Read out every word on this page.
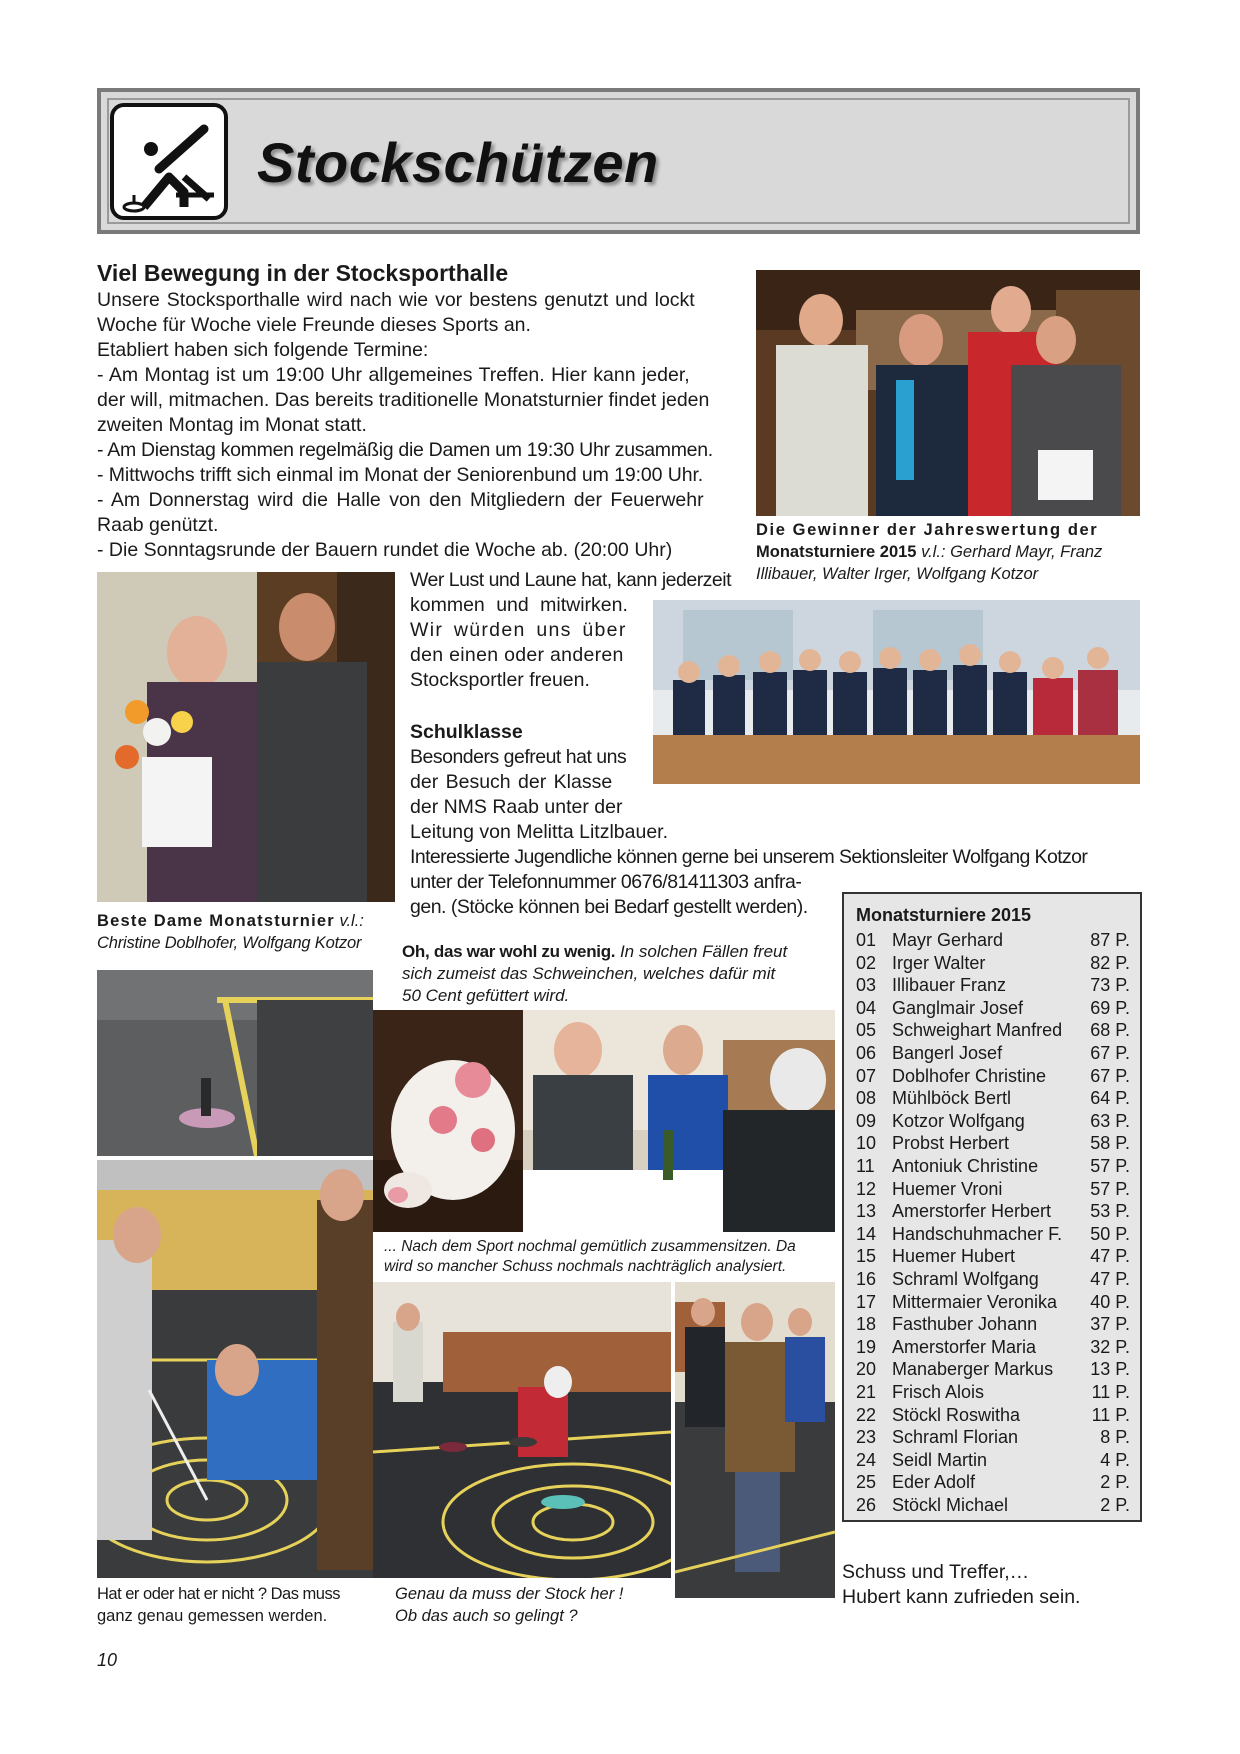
Stockschützen
Viel Bewegung in der Stocksporthalle
Unsere Stocksporthalle wird nach wie vor bestens genutzt und lockt
Woche für Woche viele Freunde dieses Sports an.
Etabliert haben sich folgende Termine:
- Am Montag ist um 19:00 Uhr allgemeines Treffen. Hier kann jeder,
der will, mitmachen. Das bereits traditionelle Monatsturnier findet jeden
zweiten Montag im Monat statt.
- Am Dienstag kommen regelmäßig die Damen um 19:30 Uhr zusammen.
- Mittwochs trifft sich einmal im Monat der Seniorenbund um 19:00 Uhr.
- Am Donnerstag wird die Halle von den Mitgliedern der Feuerwehr
Raab genützt.
- Die Sonntagsrunde der Bauern rundet die Woche ab. (20:00 Uhr)
Die Gewinner der Jahreswertung der
Monatsturniere 2015 v.l.: Gerhard Mayr, Franz
Illibauer, Walter Irger, Wolfgang Kotzor
Beste Dame Monatsturnier v.l.:
Christine Doblhofer, Wolfgang Kotzor
Wer Lust und Laune hat, kann jederzeit
kommen und mitwirken.
Wir würden uns über
den einen oder anderen
Stocksportler freuen.
Schulklasse
Besonders gefreut hat uns
der Besuch der Klasse
der NMS Raab unter der
Leitung von Melitta Litzlbauer.
Interessierte Jugendliche können gerne bei unserem Sektionsleiter Wolfgang Kotzor
unter der Telefonnummer 0676/81411303 anfra-
gen. (Stöcke können bei Bedarf gestellt werden).
Oh, das war wohl zu wenig. In solchen Fällen freut
sich zumeist das Schweinchen, welches dafür mit
50 Cent gefüttert wird.
... Nach dem Sport nochmal gemütlich zusammensitzen. Da
wird so mancher Schuss nochmals nachträglich analysiert.
Hat er oder hat er nicht ? Das muss
ganz genau gemessen werden.
Genau da muss der Stock her !
Ob das auch so gelingt ?
Monatsturniere 2015
01 Mayr Gerhard	87 P.
02 Irger Walter	82 P.
03 Illibauer Franz	73 P.
04 Ganglmair Josef	69 P.
05 Schweighart Manfred 68 P.
06 Bangerl Josef	67 P.
07 Doblhofer Christine 67 P.
08 Mühlböck Bertl	64 P.
09 Kotzor Wolfgang	63 P.
10 Probst Herbert	58 P.
11 Antoniuk Christine	57 P.
12 Huemer Vroni	57 P.
13 Amerstorfer Herbert 53 P.
14 Handschuhmacher F. 50 P.
15 Huemer Hubert	47 P.
16 Schraml Wolfgang	47 P.
17 Mittermaier Veronika 40 P.
18 Fasthuber Johann	37 P.
19 Amerstorfer Maria	32 P.
20 Manaberger Markus 13 P.
21 Frisch Alois	11 P.
22 Stöckl Roswitha	11 P.
23 Schraml Florian	8 P.
24 Seidl Martin	4 P.
25 Eder Adolf	2 P.
26 Stöckl Michael	2 P.
Schuss und Treffer,…
Hubert kann zufrieden sein.
10
